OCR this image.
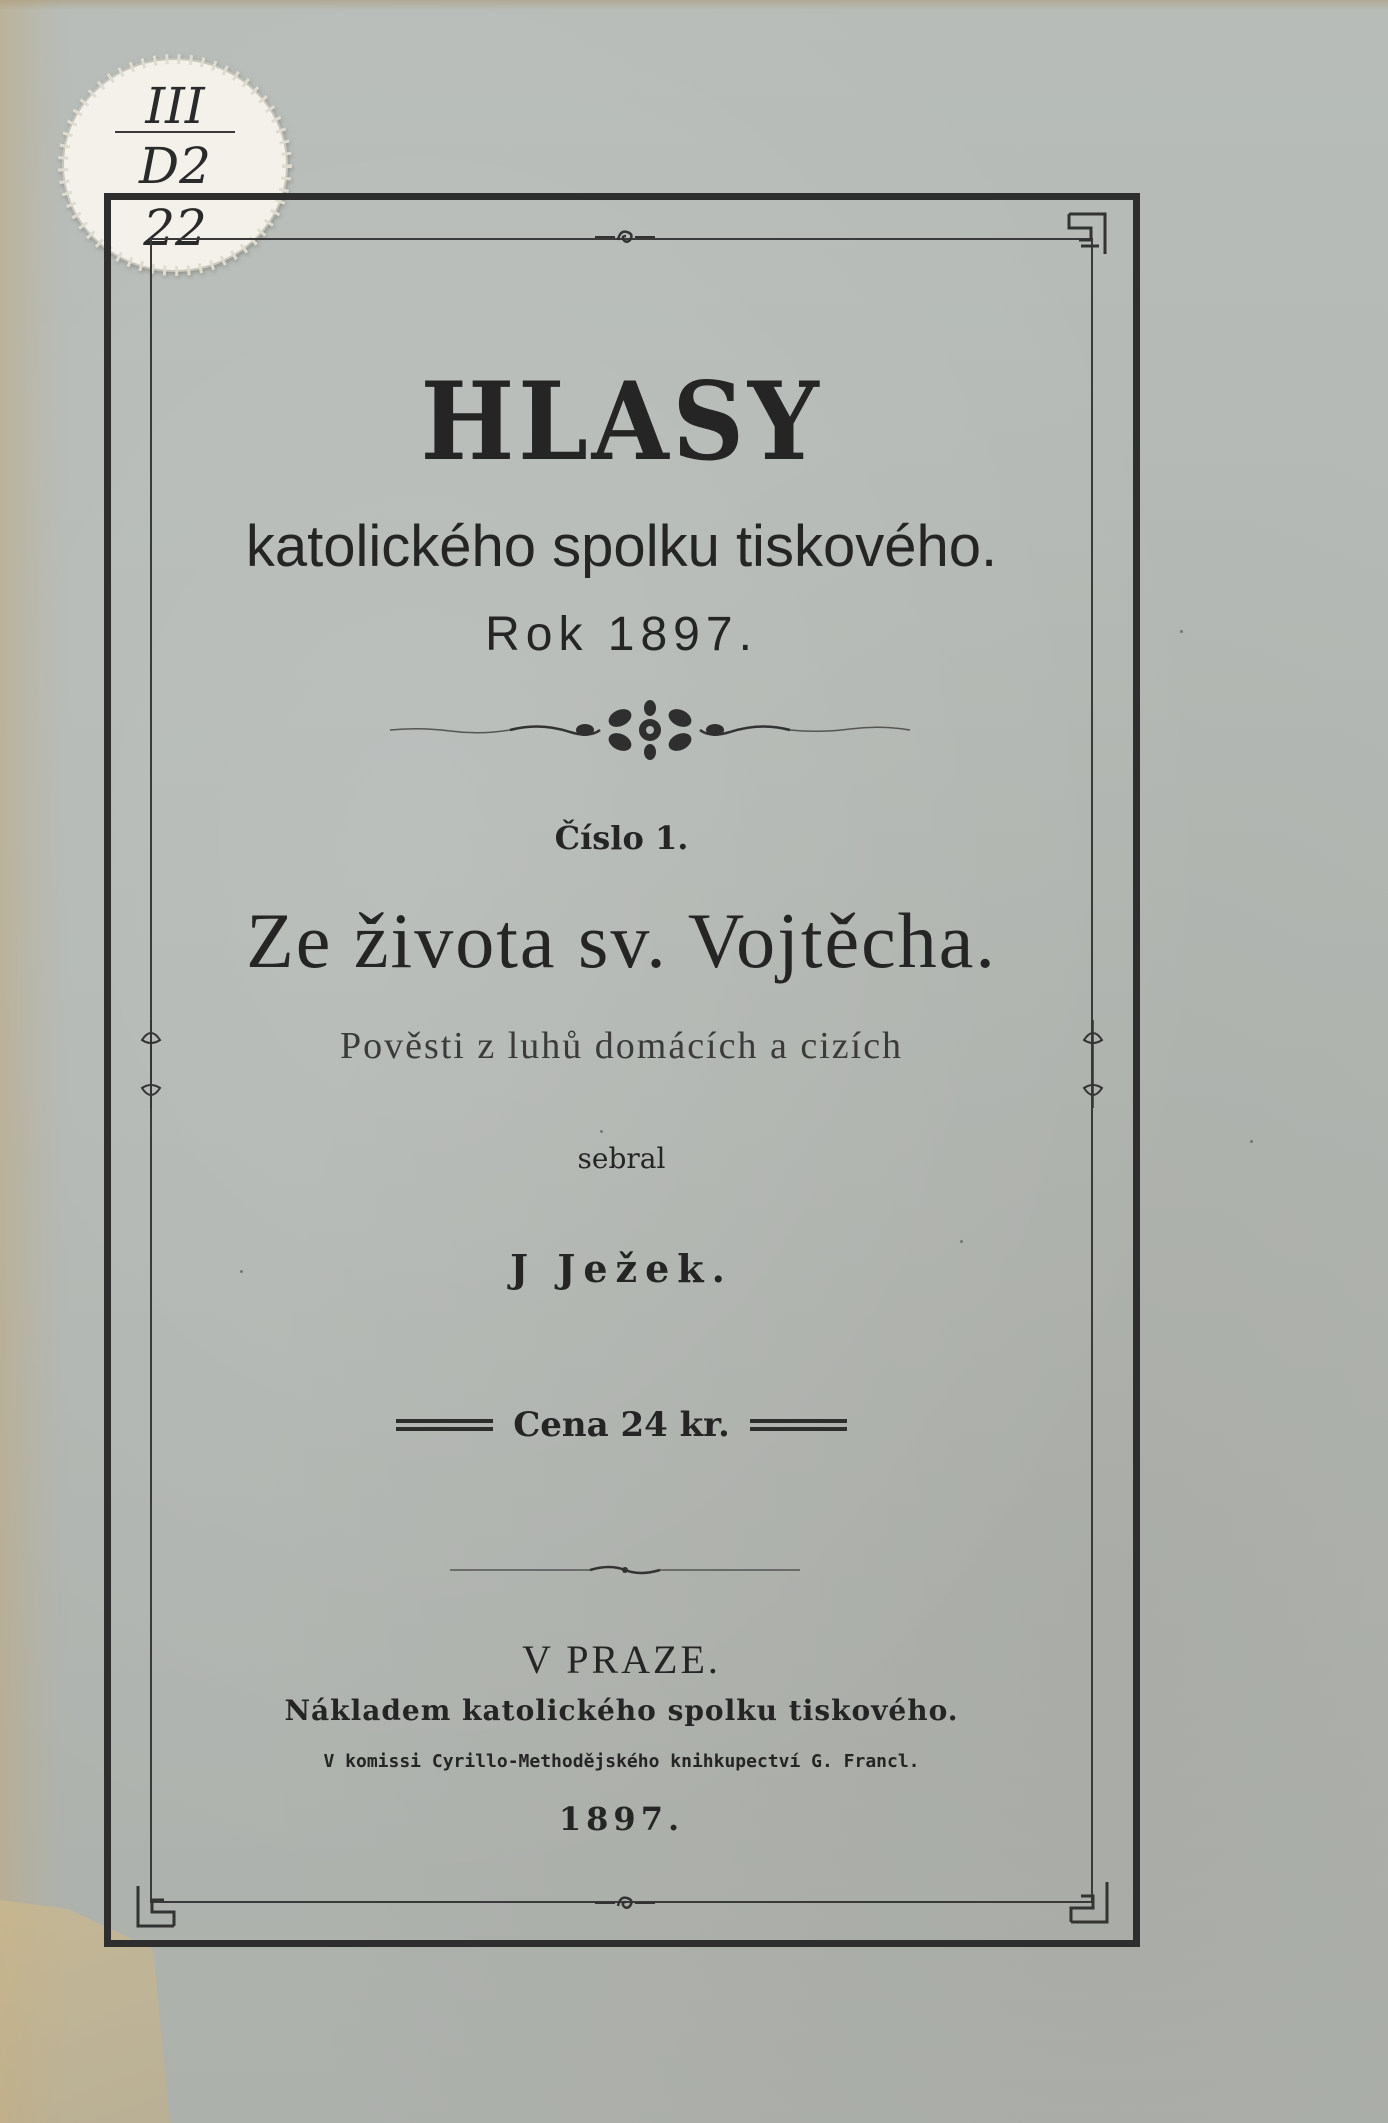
III
D2
22
HLASY
katolického spolku tiskového.
Rok 1897.
Číslo 1.
Ze života sv. Vojtěcha.
Pověsti z luhů domácích a cizích
sebral
J Ježek.
Cena 24 kr.
V PRAZE.
Nákladem katolického spolku tiskového.
V komissi Cyrillo-Methodějského knihkupectví G. Francl.
1897.
